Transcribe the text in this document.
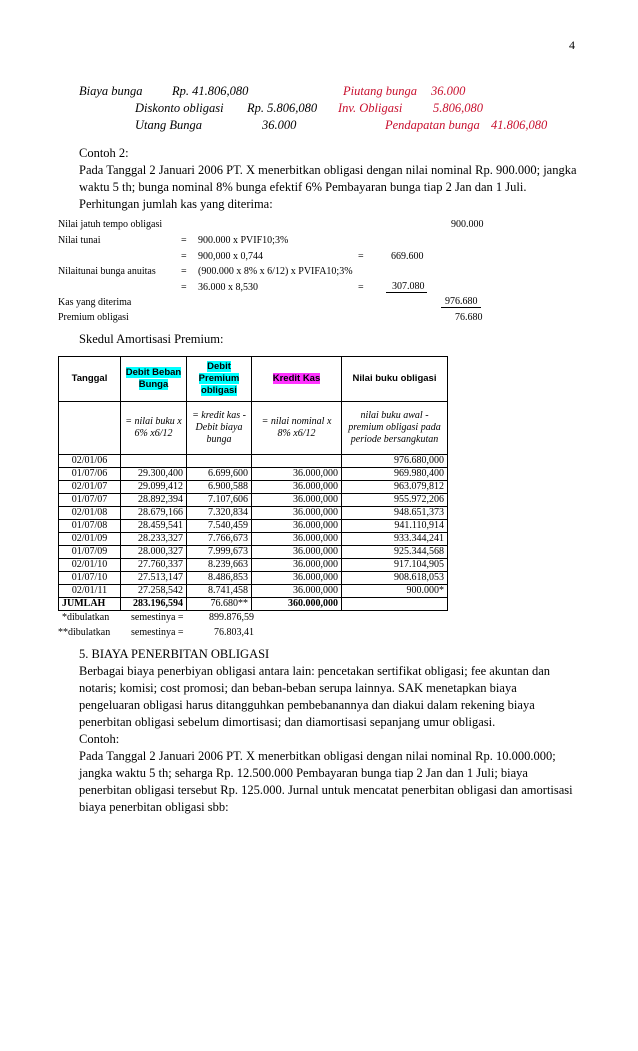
4
Biaya bunga Rp. 41.806,080	Piutang bunga 36.000
Diskonto obligasi Rp. 5.806,080 Inv. Obligasi 5.806,080
Utang Bunga	36.000	Pendapatan bunga 41.806,080
Contoh 2:
Pada Tanggal 2 Januari 2006 PT. X menerbitkan obligasi dengan nilai nominal Rp. 900.000; jangka
waktu 5 th; bunga nominal 8% bunga efektif 6% Pembayaran bunga tiap 2 Jan dan 1 Juli.
Perhitungan jumlah kas yang diterima:
Nilai jatuh tempo obligasi	900.000
Nilai tunai	= 900.000 x PVIF10;3%
= 900,000 x 0,744	=	669.600
Nilaitunai bunga anuitas	= (900.000 x 8% x 6/12) x PVIFA10;3%
= 36.000 x 8,530	=	307.080
Kas yang diterima	976.680
Premium obligasi	76.680
Skedul Amortisasi Premium:
Tanggal	Debit Beban Bunga	Debit Premium obligasi	Kredit Kas	Nilai buku obligasi
	= nilai buku x 6% x6/12	= kredit kas - Debit biaya bunga	= nilai nominal x 8% x6/12	nilai buku awal - premium obligasi pada periode bersangkutan
02/01/06				976.680,000
01/07/06	29.300,400	6.699,600	36.000,000	969.980,400
02/01/07	29.099,412	6.900,588	36.000,000	963.079,812
01/07/07	28.892,394	7.107,606	36.000,000	955.972,206
02/01/08	28.679,166	7.320,834	36.000,000	948.651,373
01/07/08	28.459,541	7.540,459	36.000,000	941.110,914
02/01/09	28.233,327	7.766,673	36.000,000	933.344,241
01/07/09	28.000,327	7.999,673	36.000,000	925.344,568
02/01/10	27.760,337	8.239,663	36.000,000	917.104,905
01/07/10	27.513,147	8.486,853	36.000,000	908.618,053
02/01/11	27.258,542	8.741,458	36.000,000	900.000*
JUMLAH	283.196,594	76.680**	360.000,000	
*dibulatkan semestinya =	899.876,59
**dibulatkan semestinya =	76.803,41
5. BIAYA PENERBITAN OBLIGASI
Berbagai biaya penerbiyan obligasi antara lain: pencetakan sertifikat obligasi; fee akuntan dan
notaris; komisi; cost promosi; dan beban-beban serupa lainnya. SAK menetapkan biaya
pengeluaran obligasi harus ditangguhkan pembebanannya dan diakui dalam rekening biaya
penerbitan obligasi sebelum dimortisasi; dan diamortisasi sepanjang umur obligasi.
Contoh:
Pada Tanggal 2 Januari 2006 PT. X menerbitkan obligasi dengan nilai nominal Rp. 10.000.000;
jangka waktu 5 th; seharga Rp. 12.500.000 Pembayaran bunga tiap 2 Jan dan 1 Juli; biaya
penerbitan obligasi tersebut Rp. 125.000. Jurnal untuk mencatat penerbitan obligasi dan amortisasi
biaya penerbitan obligasi sbb:
